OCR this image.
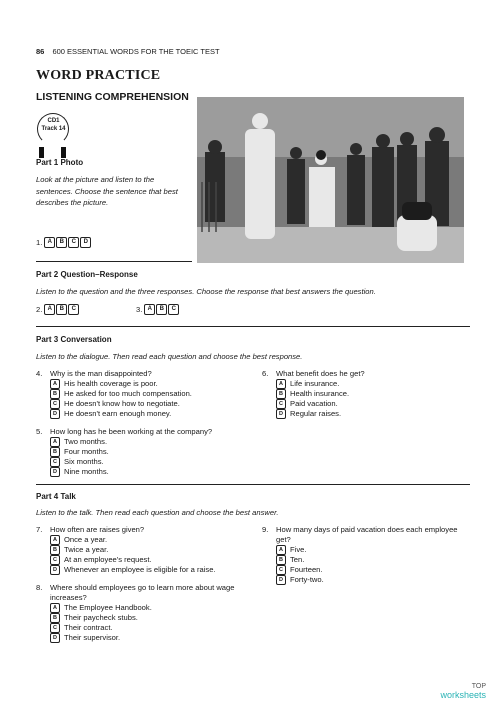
86 600 ESSENTIAL WORDS FOR THE TOEIC TEST
WORD PRACTICE
LISTENING COMPREHENSION
CD1
Track 14
Part 1 Photo
Look at the picture and listen to the sentences. Choose the sentence that best describes the picture.
1. A	B	C	D
Part 2 Question–Response
Listen to the question and the three responses. Choose the response that best answers the question.
2. A	B	C	3. A	B	C
Part 3 Conversation
Listen to the dialogue. Then read each question and choose the best response.
4.	Why is the man disappointed?
A His health coverage is poor.
B He asked for too much compensation.
C He doesn't know how to negotiate.
D He doesn't earn enough money.
5.	How long has he been working at the company?
A Two months.
B Four months.
C Six months.
D Nine months.
6.	What benefit does he get?
A Life insurance.
B Health insurance.
C Paid vacation.
D Regular raises.
Part 4 Talk
Listen to the talk. Then read each question and choose the best answer.
7.	How often are raises given?
A Once a year.
B Twice a year.
C At an employee's request.
D Whenever an employee is eligible for a raise.
8.	Where should employees go to learn more about wage increases?
A The Employee Handbook.
B Their paycheck stubs.
C Their contract.
D Their supervisor.
9.	How many days of paid vacation does each employee get?
A Five.
B Ten.
C Fourteen.
D Forty-two.
TOP
worksheets
